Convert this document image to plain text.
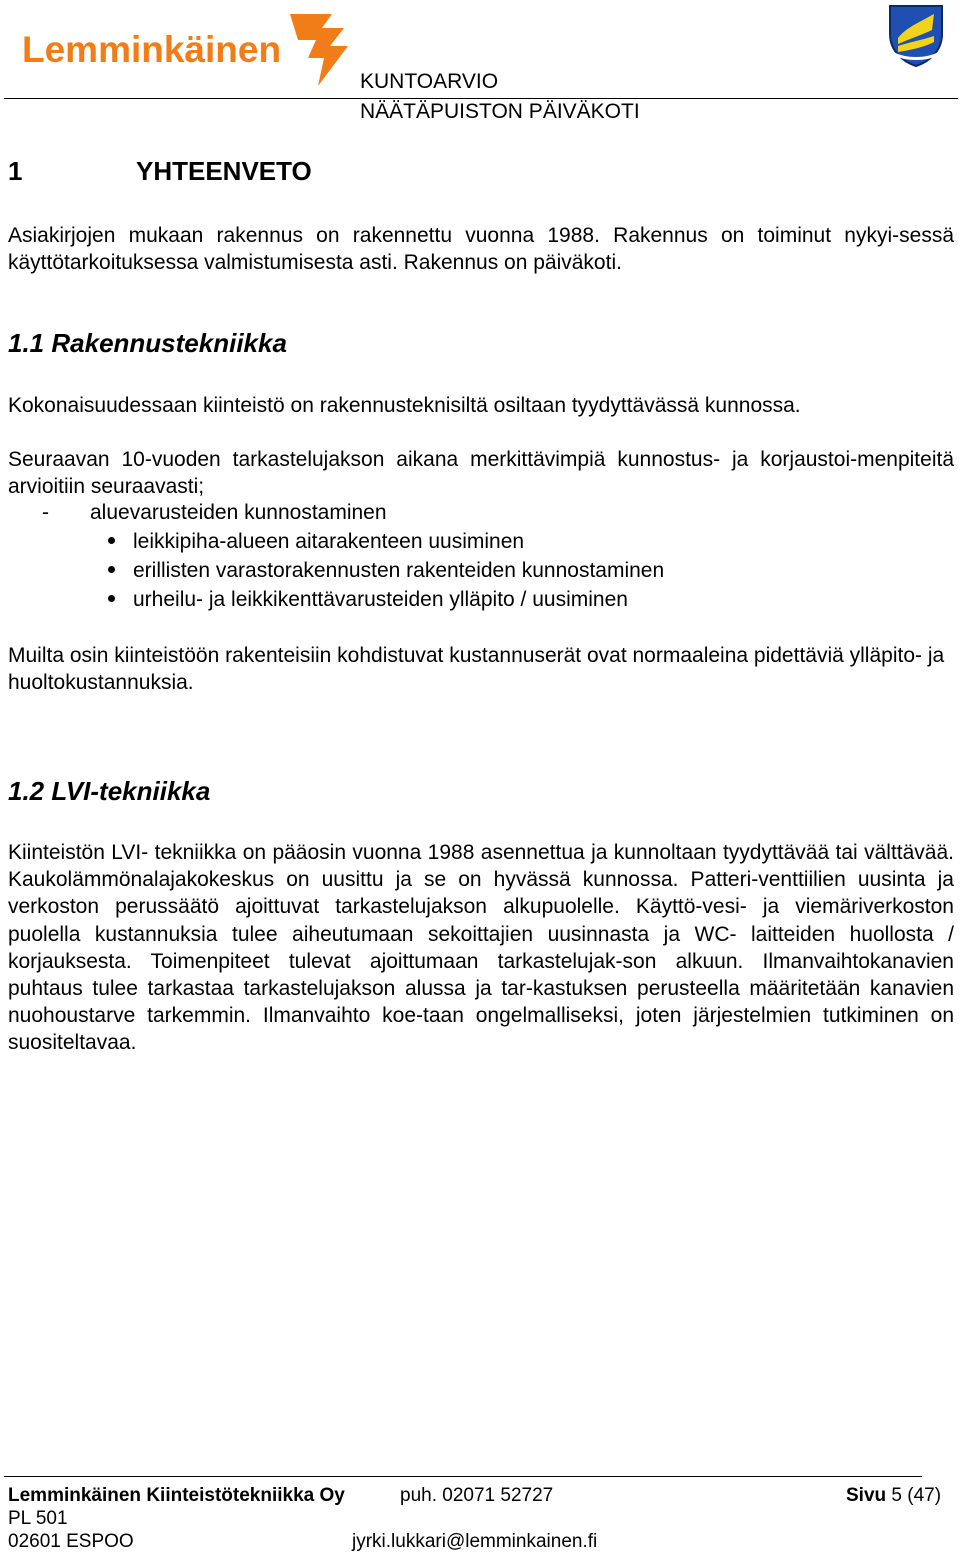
Lemminkäinen
KUNTOARVIO
NÄÄTÄPUISTON PÄIVÄKOTI
1	YHTEENVETO
Asiakirjojen mukaan rakennus on rakennettu vuonna 1988. Rakennus on toiminut nykyi-sessä käyttötarkoituksessa valmistumisesta asti. Rakennus on päiväkoti.
1.1 Rakennustekniikka
Kokonaisuudessaan kiinteistö on rakennusteknisiltä osiltaan tyydyttävässä kunnossa.
Seuraavan 10-vuoden tarkastelujakson aikana merkittävimpiä kunnostus- ja korjaustoi-menpiteitä arvioitiin seuraavasti;
- aluevarusteiden kunnostaminen
leikkipiha-alueen aitarakenteen uusiminen
erillisten varastorakennusten rakenteiden kunnostaminen
urheilu- ja leikkikenttävarusteiden ylläpito / uusiminen
Muilta osin kiinteistöön rakenteisiin kohdistuvat kustannuserät ovat normaaleina pidettäviä ylläpito- ja huoltokustannuksia.
1.2 LVI-tekniikka
Kiinteistön LVI- tekniikka on pääosin vuonna 1988 asennettua ja kunnoltaan tyydyttävää tai välttävää. Kaukolämmönalajakokeskus on uusittu ja se on hyvässä kunnossa. Patteri-venttiilien uusinta ja verkoston perussäätö ajoittuvat tarkastelujakson alkupuolelle. Käyttö-vesi- ja viemäriverkoston puolella kustannuksia tulee aiheutumaan sekoittajien uusinnasta ja WC- laitteiden huollosta / korjauksesta. Toimenpiteet tulevat ajoittumaan tarkastelujak-son alkuun. Ilmanvaihtokanavien puhtaus tulee tarkastaa tarkastelujakson alussa ja tar-kastuksen perusteella määritetään kanavien nuohoustarve tarkemmin. Ilmanvaihto koe-taan ongelmalliseksi, joten järjestelmien tutkiminen on suositeltavaa.
Lemminkäinen Kiinteistötekniikka Oy	puh. 02071 52727	Sivu 5 (47)
PL 501
02601 ESPOO	jyrki.lukkari@lemminkainen.fi
